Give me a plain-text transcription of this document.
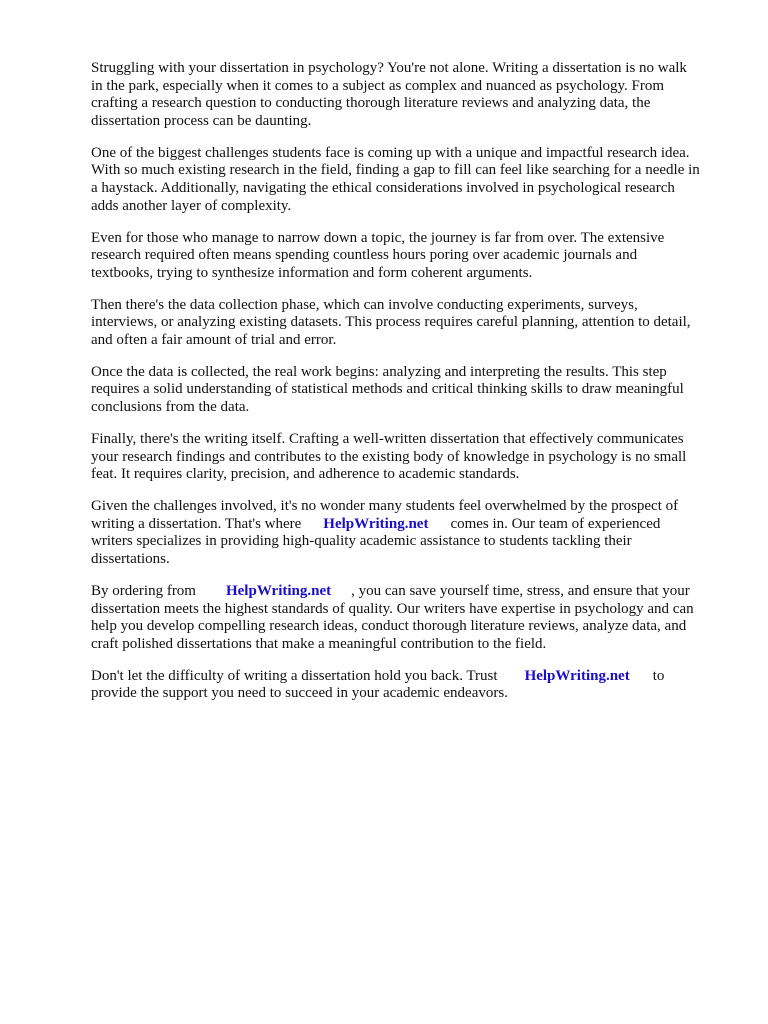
Struggling with your dissertation in psychology? You're not alone. Writing a dissertation is no walk
in the park, especially when it comes to a subject as complex and nuanced as psychology. From
crafting a research question to conducting thorough literature reviews and analyzing data, the
dissertation process can be daunting.

One of the biggest challenges students face is coming up with a unique and impactful research idea.
With so much existing research in the field, finding a gap to fill can feel like searching for a needle in
a haystack. Additionally, navigating the ethical considerations involved in psychological research
adds another layer of complexity.

Even for those who manage to narrow down a topic, the journey is far from over. The extensive
research required often means spending countless hours poring over academic journals and
textbooks, trying to synthesize information and form coherent arguments.

Then there's the data collection phase, which can involve conducting experiments, surveys,
interviews, or analyzing existing datasets. This process requires careful planning, attention to detail,
and often a fair amount of trial and error.

Once the data is collected, the real work begins: analyzing and interpreting the results. This step
requires a solid understanding of statistical methods and critical thinking skills to draw meaningful
conclusions from the data.

Finally, there's the writing itself. Crafting a well-written dissertation that effectively communicates
your research findings and contributes to the existing body of knowledge in psychology is no small
feat. It requires clarity, precision, and adherence to academic standards.

Given the challenges involved, it's no wonder many students feel overwhelmed by the prospect of
writing a dissertation. That's where HelpWriting.net comes in. Our team of experienced
writers specializes in providing high-quality academic assistance to students tackling their
dissertations.

By ordering from HelpWriting.net , you can save yourself time, stress, and ensure that your
dissertation meets the highest standards of quality. Our writers have expertise in psychology and can
help you develop compelling research ideas, conduct thorough literature reviews, analyze data, and
craft polished dissertations that make a meaningful contribution to the field.

Don't let the difficulty of writing a dissertation hold you back. Trust HelpWriting.net to
provide the support you need to succeed in your academic endeavors.
